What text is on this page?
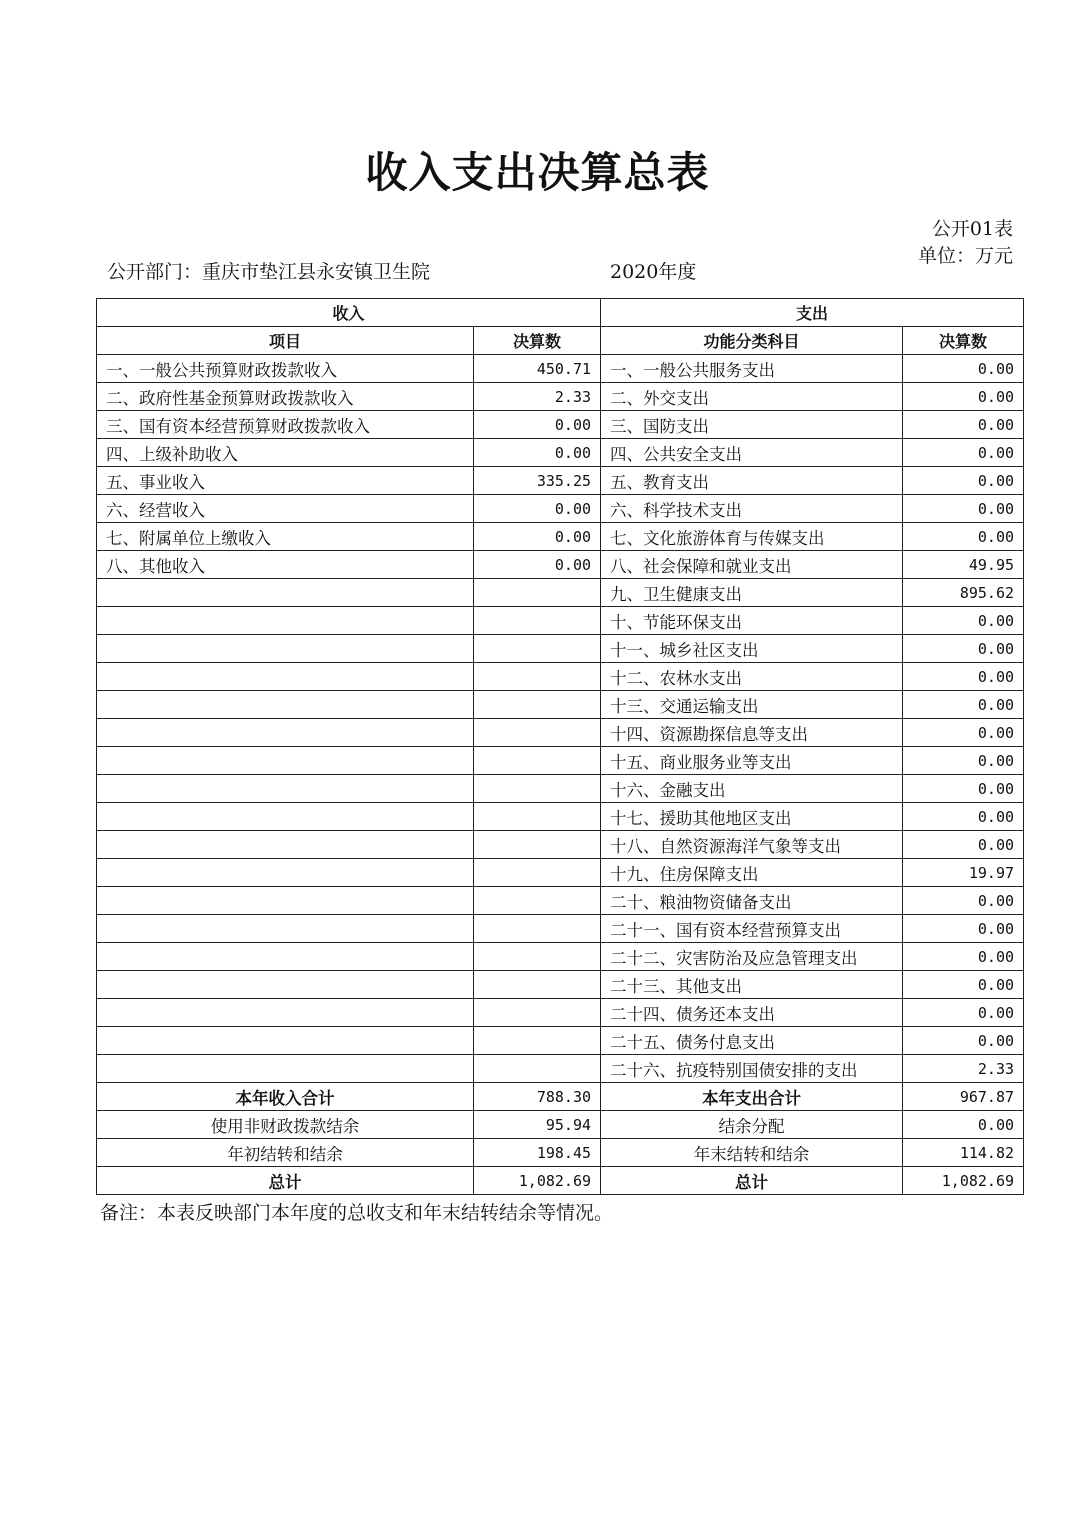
收入支出决算总表
公开01表
单位：万元
公开部门：重庆市垫江县永安镇卫生院	2020年度
收入		支出	
项目	决算数	功能分类科目	决算数
一、一般公共预算财政拨款收入	450.71	一、一般公共服务支出	0.00
二、政府性基金预算财政拨款收入	2.33	二、外交支出	0.00
三、国有资本经营预算财政拨款收入	0.00	三、国防支出	0.00
四、上级补助收入	0.00	四、公共安全支出	0.00
五、事业收入	335.25	五、教育支出	0.00
六、经营收入	0.00	六、科学技术支出	0.00
七、附属单位上缴收入	0.00	七、文化旅游体育与传媒支出	0.00
八、其他收入	0.00	八、社会保障和就业支出	49.95
		九、卫生健康支出	895.62
		十、节能环保支出	0.00
		十一、城乡社区支出	0.00
		十二、农林水支出	0.00
		十三、交通运输支出	0.00
		十四、资源勘探信息等支出	0.00
		十五、商业服务业等支出	0.00
		十六、金融支出	0.00
		十七、援助其他地区支出	0.00
		十八、自然资源海洋气象等支出	0.00
		十九、住房保障支出	19.97
		二十、粮油物资储备支出	0.00
		二十一、国有资本经营预算支出	0.00
		二十二、灾害防治及应急管理支出	0.00
		二十三、其他支出	0.00
		二十四、债务还本支出	0.00
		二十五、债务付息支出	0.00
		二十六、抗疫特别国债安排的支出	2.33
本年收入合计	788.30	本年支出合计	967.87
使用非财政拨款结余	95.94	结余分配	0.00
年初结转和结余	198.45	年末结转和结余	114.82
总计	1,082.69	总计	1,082.69
备注：本表反映部门本年度的总收支和年末结转结余等情况。
